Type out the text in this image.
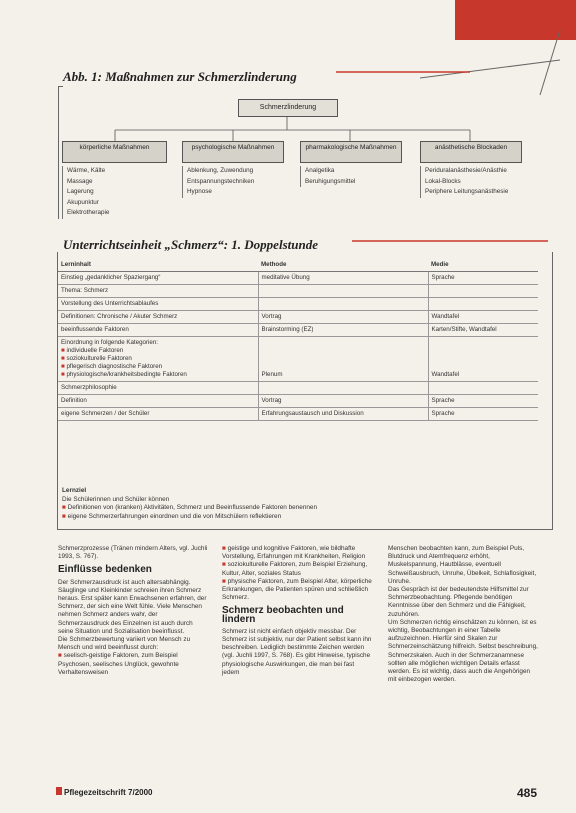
Abb. 1: Maßnahmen zur Schmerzlinderung
Schmerzlinderung
körperliche Maßnahmen	psychologische Maßnahmen	pharmakologische Maßnahmen	anästhetische Blockaden
Wärme, Kälte
Massage
Lagerung
Akupunktur
Elektrotherapie
Ablenkung, Zuwendung
Entspannungstechniken
Hypnose
Analgetika
Beruhigungsmittel
Periduralanästhesie/Anästhie
Lokal-Blocks
Periphere Leitungsanästhesie
Unterrichtseinheit „Schmerz“: 1. Doppelstunde
Lerninhalt	Methode	Medie
Einstieg „gedanklicher Spaziergang“	meditative Übung	Sprache
Thema: Schmerz		
Vorstellung des Unterrichtsablaufes		
Definitionen: Chronische / Akuter Schmerz	Vortrag	Wandtafel
beeinflussende Faktoren	Brainstorming (EZ)	Karten/Stifte, Wandtafel
Einordnung in folgende Kategorien:
■ individuelle Faktoren
■ soziokulturelle Faktoren
■ pflegerisch diagnostische Faktoren
■ physiologische/krankheitsbedingte Faktoren	Plenum	Wandtafel
Schmerzphilosophie		
Definition	Vortrag	Sprache
eigene Schmerzen / der Schüler	Erfahrungsaustausch und Diskussion	Sprache
Lernziel
Die Schülerinnen und Schüler können
■ Definitionen von (kranken) Aktivitäten, Schmerz und Beeinflussende Faktoren benennen
■ eigene Schmerzerfahrungen einordnen und die von Mitschülern reflektieren

Schmerzprozesse (Tränen mindern Alters, vgl. Juchli 1993, S. 767).

Einflüsse bedenken

Der Schmerzausdruck ist auch altersabhängig. Säuglinge und Kleinkinder schreien ihren Schmerz heraus. Erst später kann Erwachsenen erfahren, der Schmerz, der sich eine Welt fühle. Viele Menschen nehmen Schmerz anders wahr, der Schmerzausdruck des Einzelnen ist auch durch seine Situation und Sozialisation beeinflusst.

Die Schmerzbewertung variiert von Mensch zu Mensch und wird beeinflusst durch:

■ seelisch-geistige Faktoren, zum Beispiel Psychosen, seelisches Unglück, gewohnte Verhaltensweisen

■ geistige und kognitive Faktoren, wie bildhafte Vorstellung, Erfahrungen mit Krankheiten, Religion

■ soziokulturelle Faktoren, zum Beispiel Erziehung, Kultur, Alter, soziales Status

■ physische Faktoren, zum Beispiel Alter, körperliche Erkrankungen, die Patienten spüren und schließlich Schmerz.

Schmerz beobachten und lindern

Schmerz ist nicht einfach objektiv messbar. Der Schmerz ist subjektiv, nur der Patient selbst kann ihn beschreiben. Lediglich bestimmte Zeichen werden (vgl. Juchli 1997, S. 768). Es gibt Hinweise, typische physiologische Auswirkungen, die man bei fast jedem

Menschen beobachten kann, zum Beispiel Puls, Blutdruck und Atemfrequenz erhöht, Muskelspannung, Hautblässe, eventuell Schweißausbruch, Unruhe, Übelkeit, Schlaflosigkeit, Unruhe.

Das Gespräch ist der bedeutendste Hilfsmittel zur Schmerzbeobachtung. Pflegende benötigen Kenntnisse über den Schmerz und die Fähigkeit, zuzuhören.

Um Schmerzen richtig einschätzen zu können, ist es wichtig, Beobachtungen in einer Tabelle aufzuzeichnen. Hierfür sind Skalen zur Schmerzeinschätzung hilfreich. Selbst beschreibung, Schmerzskalen. Auch in der Schmerzanamnese sollten alle möglichen wichtigen Details erfasst werden. Es ist wichtig, dass auch die Angehörigen mit einbezogen werden.

Pflegezeitschrift 7/2000	485
